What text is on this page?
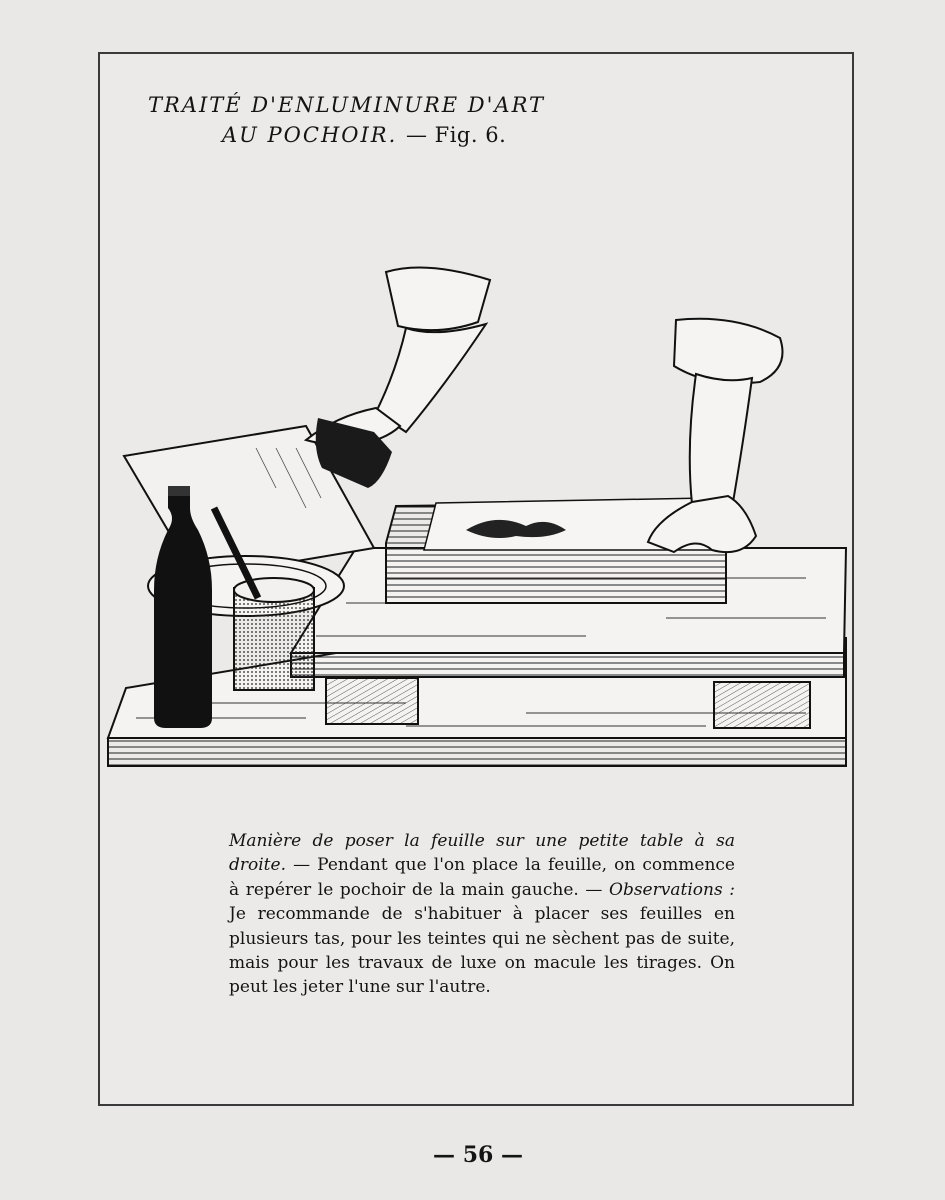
TRAITÉ D'ENLUMINURE D'ART
AU POCHOIR. — Fig. 6.
Manière de poser la feuille sur une petite table à sa droite. — Pendant que l'on place la feuille, on commence à repérer le pochoir de la main gauche. — Observations : Je recommande de s'habituer à placer ses feuilles en plusieurs tas, pour les teintes qui ne sèchent pas de suite, mais pour les travaux de luxe on macule les tirages. On peut les jeter l'une sur l'autre.
— 56 —
